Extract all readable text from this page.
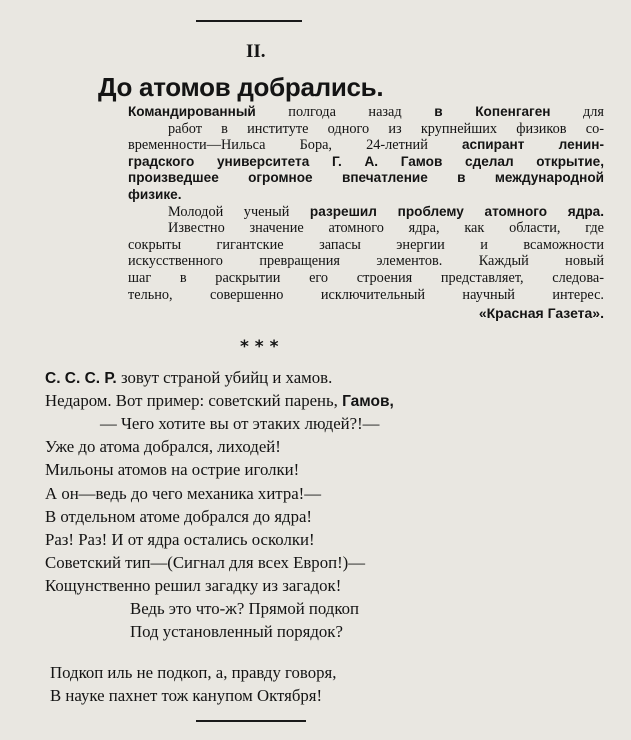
II.
До атомов добрались.
Командированный полгода назад в Копенгаген для
работ в институте одного из крупнейших физиков со-
временности—Нильса Бора, 24-летний аспирант ленин-
градского университета Г. А. Гамов сделал открытие,
произведшее огромное впечатление в международной
физике.
Молодой ученый разрешил проблему атомного ядра.
Известно значение атомного ядра, как области, где
сокрыты гигантские запасы энергии и всаможности
искусственного превращения элементов. Каждый новый
шаг в раскрытии его строения представляет, следова-
тельно, совершенно исключительный научный интерес.
«Красная Газета».
* * *
С. С. С. Р. зовут страной убийц и хамов.
Недаром. Вот пример: советский парень, Гамов,
— Чего хотите вы от этаких людей?!—
Уже до атома добрался, лиходей!
Мильоны атомов на острие иголки!
А он—ведь до чего механика хитра!—
В отдельном атоме добрался до ядра!
Раз! Раз! И от ядра остались осколки!
Советский тип—(Сигнал для всех Европ!)—
Кощунственно решил загадку из загадок!
Ведь это что-ж? Прямой подкоп
Под установленный порядок?
Подкоп иль не подкоп, а, правду говоря,
В науке пахнет тож канупом Октября!
